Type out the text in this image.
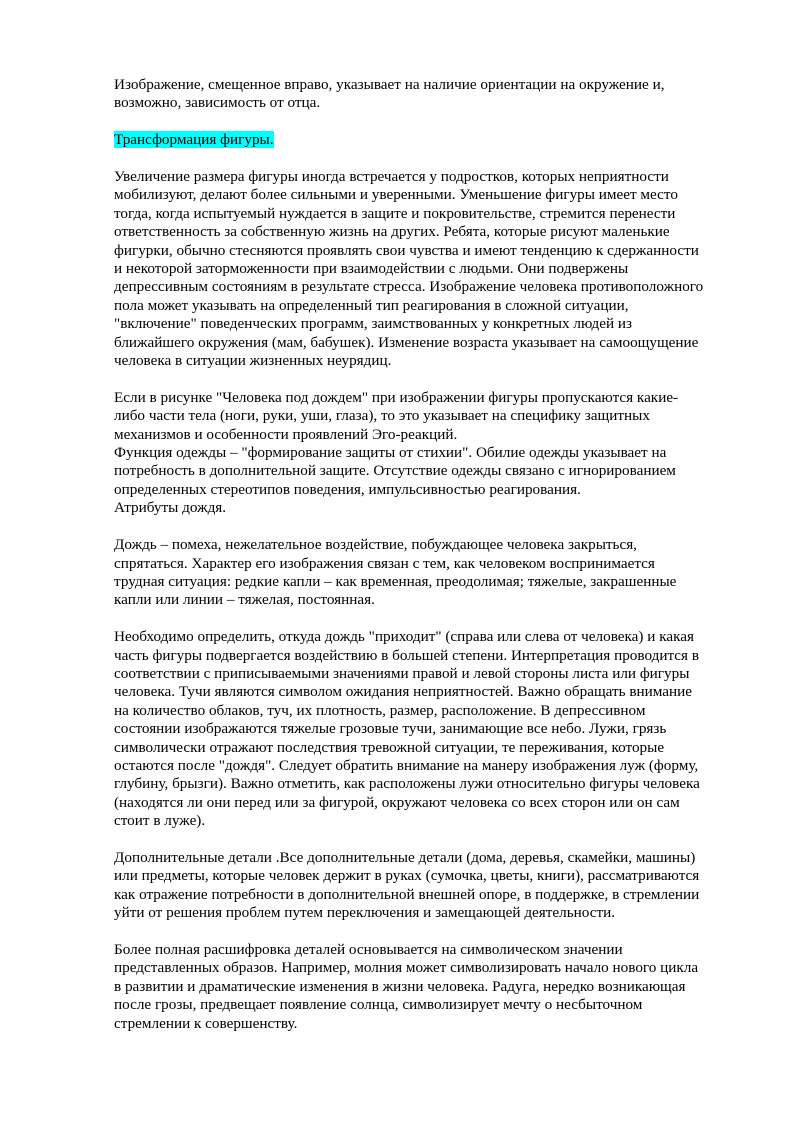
Изображение, смещенное вправо, указывает на наличие ориентации на окружение и,
возможно, зависимость от отца.
Трансформация фигуры.
Увеличение размера фигуры иногда встречается у подростков, которых неприятности
мобилизуют, делают более сильными и уверенными. Уменьшение фигуры имеет место
тогда, когда испытуемый нуждается в защите и покровительстве, стремится перенести
ответственность за собственную жизнь на других. Ребята, которые рисуют маленькие
фигурки, обычно стесняются проявлять свои чувства и имеют тенденцию к сдержанности
и некоторой заторможенности при взаимодействии с людьми. Они подвержены
депрессивным состояниям в результате стресса. Изображение человека противоположного
пола может указывать на определенный тип реагирования в сложной ситуации,
"включение" поведенческих программ, заимствованных у конкретных людей из
ближайшего окружения (мам, бабушек). Изменение возраста указывает на самоощущение
человека в ситуации жизненных неурядиц.
Если в рисунке "Человека под дождем" при изображении фигуры пропускаются какие-
либо части тела (ноги, руки, уши, глаза), то это указывает на специфику защитных
механизмов и особенности проявлений Эго-реакций.
Функция одежды – "формирование защиты от стихии". Обилие одежды указывает на
потребность в дополнительной защите. Отсутствие одежды связано с игнорированием
определенных стереотипов поведения, импульсивностью реагирования.
Атрибуты дождя.
Дождь – помеха, нежелательное воздействие, побуждающее человека закрыться,
спрятаться. Характер его изображения связан с тем, как человеком воспринимается
трудная ситуация: редкие капли – как временная, преодолимая; тяжелые, закрашенные
капли или линии – тяжелая, постоянная.
Необходимо определить, откуда дождь "приходит" (справа или слева от человека) и какая
часть фигуры подвергается воздействию в большей степени. Интерпретация проводится в
соответствии с приписываемыми значениями правой и левой стороны листа или фигуры
человека. Тучи являются символом ожидания неприятностей. Важно обращать внимание
на количество облаков, туч, их плотность, размер, расположение. В депрессивном
состоянии изображаются тяжелые грозовые тучи, занимающие все небо. Лужи, грязь
символически отражают последствия тревожной ситуации, те переживания, которые
остаются после "дождя". Следует обратить внимание на манеру изображения луж (форму,
глубину, брызги). Важно отметить, как расположены лужи относительно фигуры человека
(находятся ли они перед или за фигурой, окружают человека со всех сторон или он сам
стоит в луже).
Дополнительные детали .Все дополнительные детали (дома, деревья, скамейки, машины)
или предметы, которые человек держит в руках (сумочка, цветы, книги), рассматриваются
как отражение потребности в дополнительной внешней опоре, в поддержке, в стремлении
уйти от решения проблем путем переключения и замещающей деятельности.
Более полная расшифровка деталей основывается на символическом значении
представленных образов. Например, молния может символизировать начало нового цикла
в развитии и драматические изменения в жизни человека. Радуга, нередко возникающая
после грозы, предвещает появление солнца, символизирует мечту о несбыточном
стремлении к совершенству.
